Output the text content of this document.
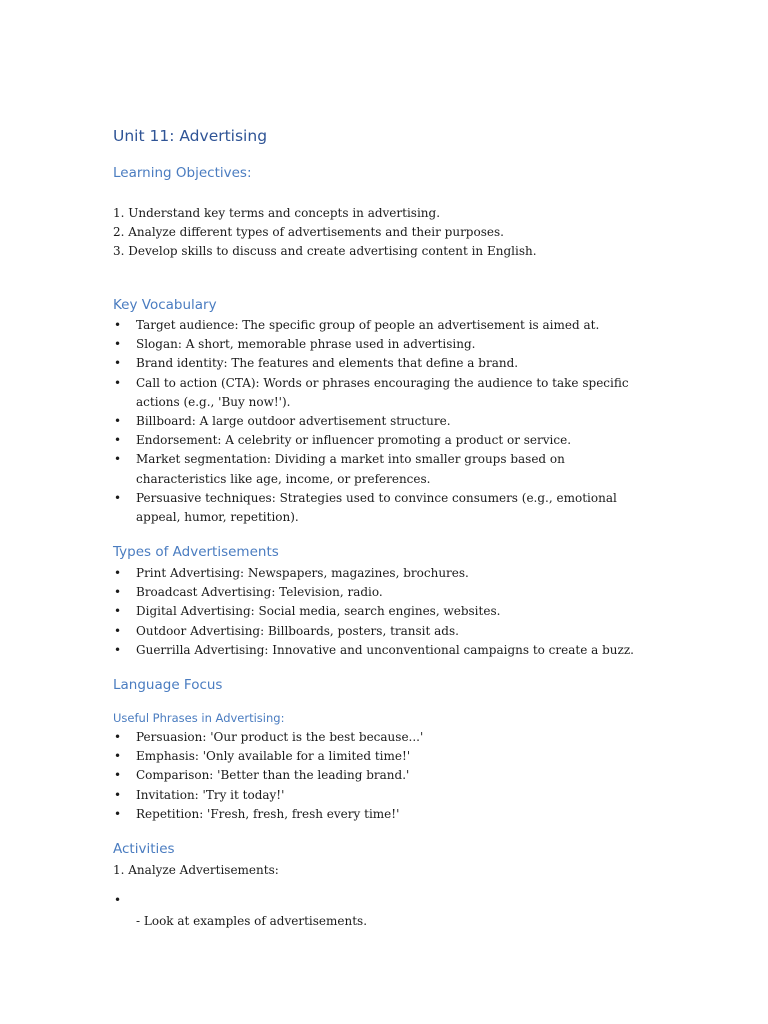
Unit 11: Advertising
Learning Objectives:
1. Understand key terms and concepts in advertising.
2. Analyze different types of advertisements and their purposes.
3. Develop skills to discuss and create advertising content in English.
Key Vocabulary
• Target audience: The specific group of people an advertisement is aimed at.
• Slogan: A short, memorable phrase used in advertising.
• Brand identity: The features and elements that define a brand.
• Call to action (CTA): Words or phrases encouraging the audience to take specific actions (e.g., 'Buy now!').
• Billboard: A large outdoor advertisement structure.
• Endorsement: A celebrity or influencer promoting a product or service.
• Market segmentation: Dividing a market into smaller groups based on characteristics like age, income, or preferences.
• Persuasive techniques: Strategies used to convince consumers (e.g., emotional appeal, humor, repetition).
Types of Advertisements
• Print Advertising: Newspapers, magazines, brochures.
• Broadcast Advertising: Television, radio.
• Digital Advertising: Social media, search engines, websites.
• Outdoor Advertising: Billboards, posters, transit ads.
• Guerrilla Advertising: Innovative and unconventional campaigns to create a buzz.
Language Focus
Useful Phrases in Advertising:
• Persuasion: 'Our product is the best because...'
• Emphasis: 'Only available for a limited time!'
• Comparison: 'Better than the leading brand.'
• Invitation: 'Try it today!'
• Repetition: 'Fresh, fresh, fresh every time!'
Activities
1. Analyze Advertisements:
•

- Look at examples of advertisements.
